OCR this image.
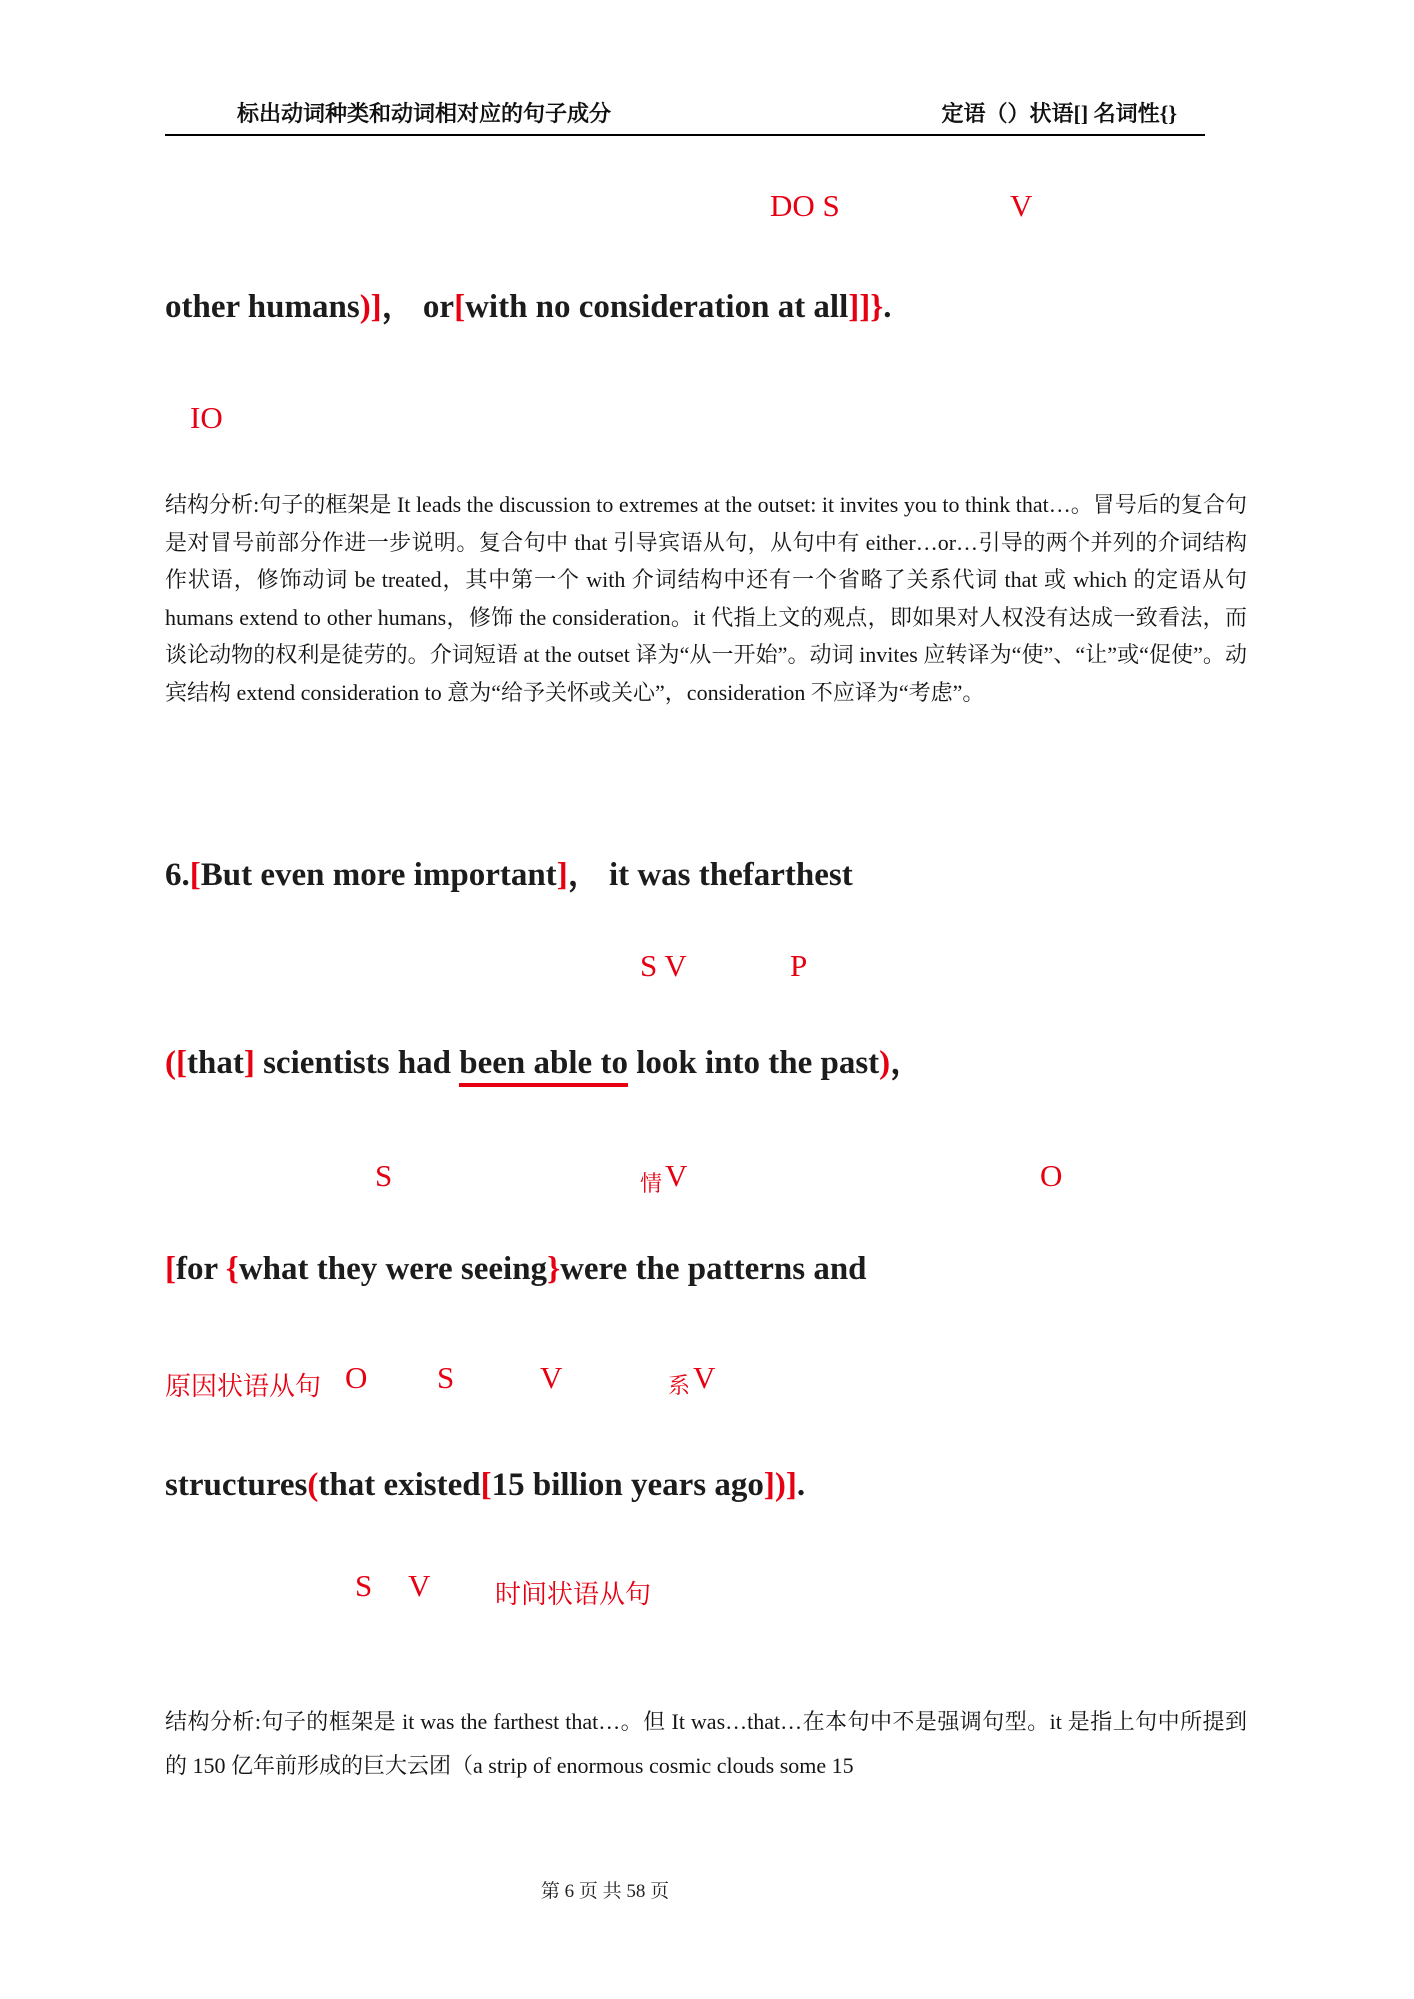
标出动词种类和动词相对应的句子成分	定语（）状语[] 名词性{}
DO S	V
other humans)]， or[with no consideration at all]]}.
IO
结构分析:句子的框架是 It leads the discussion to extremes at the outset: it invites you to think that…。冒号后的复合句是对冒号前部分作进一步说明。复合句中 that 引导宾语从句，从句中有 either…or…引导的两个并列的介词结构作状语，修饰动词 be treated，其中第一个 with 介词结构中还有一个省略了关系代词 that 或 which 的定语从句 humans extend to other humans，修饰 the consideration。it 代指上文的观点，即如果对人权没有达成一致看法，而谈论动物的权利是徒劳的。介词短语 at the outset 译为“从一开始”。动词 invites 应转译为“使”、“让”或“促使”。动宾结构 extend consideration to 意为“给予关怀或关心”，consideration 不应译为“考虑”。
6.[But even more important]， it was thefarthest
S V	P
([that] scientists had been able to look into the past)，
S	情 V	O
[for {what they were seeing}were the patterns and
原因状语从句 O S	V	系 V
structures(that existed[15 billion years ago])].
S V 时间状语从句
结构分析:句子的框架是 it was the farthest that…。但 It was…that…在本句中不是强调句型。it 是指上句中所提到的 150 亿年前形成的巨大云团（a strip of enormous cosmic clouds some 15
第 6 页 共 58 页
